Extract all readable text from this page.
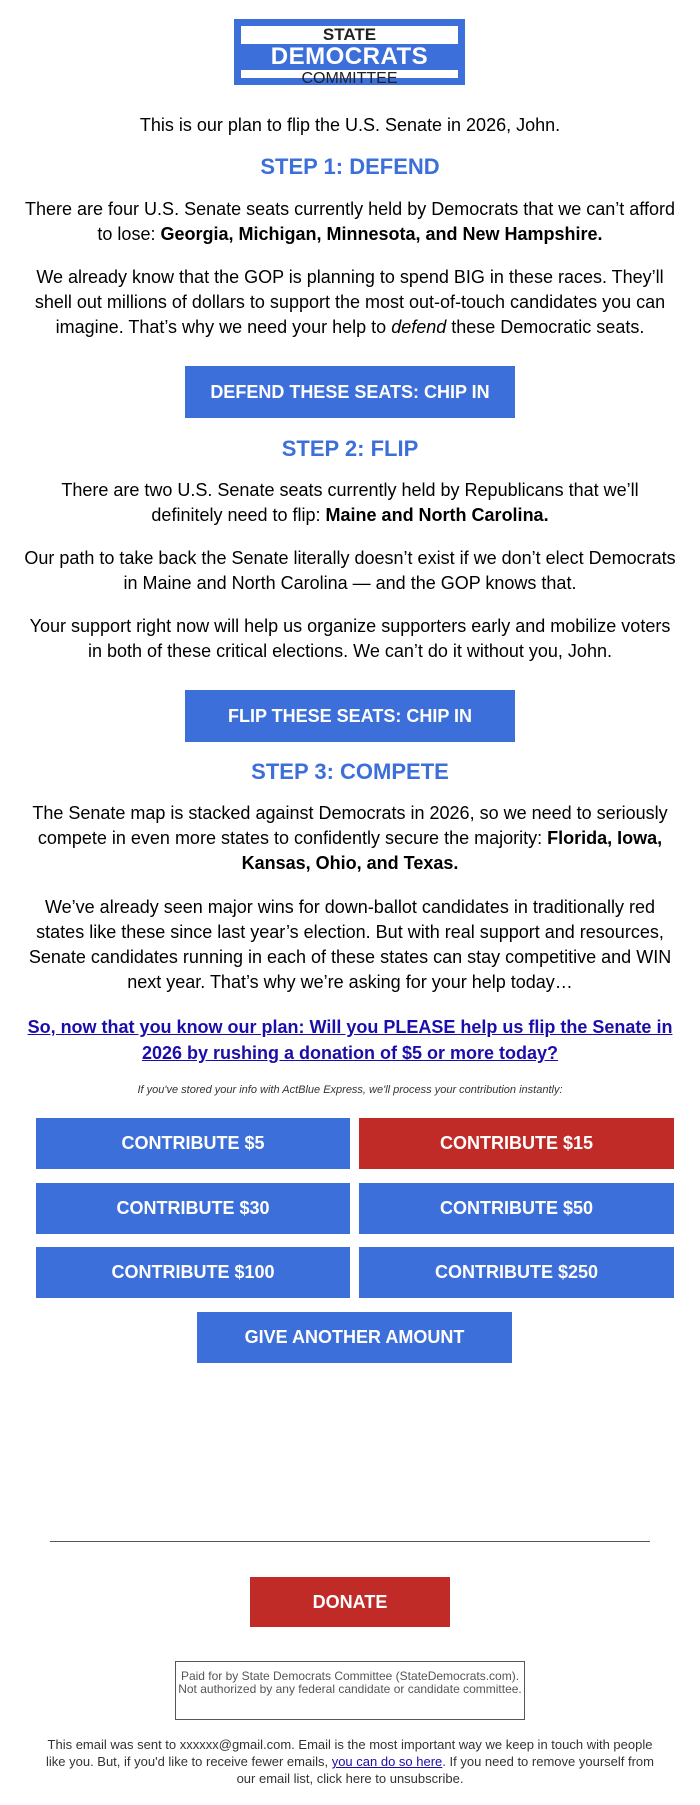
STATE
DEMOCRATS
COMMITTEE
This is our plan to flip the U.S. Senate in 2026, John.
STEP 1: DEFEND
There are four U.S. Senate seats currently held by Democrats that we can’t afford to lose: Georgia, Michigan, Minnesota, and New Hampshire.
We already know that the GOP is planning to spend BIG in these races. They’ll shell out millions of dollars to support the most out-of-touch candidates you can imagine. That’s why we need your help to defend these Democratic seats.
DEFEND THESE SEATS: CHIP IN
STEP 2: FLIP
There are two U.S. Senate seats currently held by Republicans that we’ll definitely need to flip: Maine and North Carolina.
Our path to take back the Senate literally doesn’t exist if we don’t elect Democrats in Maine and North Carolina — and the GOP knows that.
Your support right now will help us organize supporters early and mobilize voters in both of these critical elections. We can’t do it without you, John.
FLIP THESE SEATS: CHIP IN
STEP 3: COMPETE
The Senate map is stacked against Democrats in 2026, so we need to seriously compete in even more states to confidently secure the majority: Florida, Iowa, Kansas, Ohio, and Texas.
We’ve already seen major wins for down-ballot candidates in traditionally red states like these since last year’s election. But with real support and resources, Senate candidates running in each of these states can stay competitive and WIN next year. That’s why we’re asking for your help today…
So, now that you know our plan: Will you PLEASE help us flip the Senate in 2026 by rushing a donation of $5 or more today?
If you've stored your info with ActBlue Express, we'll process your contribution instantly:
CONTRIBUTE $5	CONTRIBUTE $15
CONTRIBUTE $30	CONTRIBUTE $50
CONTRIBUTE $100	CONTRIBUTE $250
GIVE ANOTHER AMOUNT
DONATE
Paid for by State Democrats Committee (StateDemocrats.com). Not authorized by any federal candidate or candidate committee.
This email was sent to xxxxxx@gmail.com. Email is the most important way we keep in touch with people like you. But, if you'd like to receive fewer emails, you can do so here. If you need to remove yourself from our email list, click here to unsubscribe.
